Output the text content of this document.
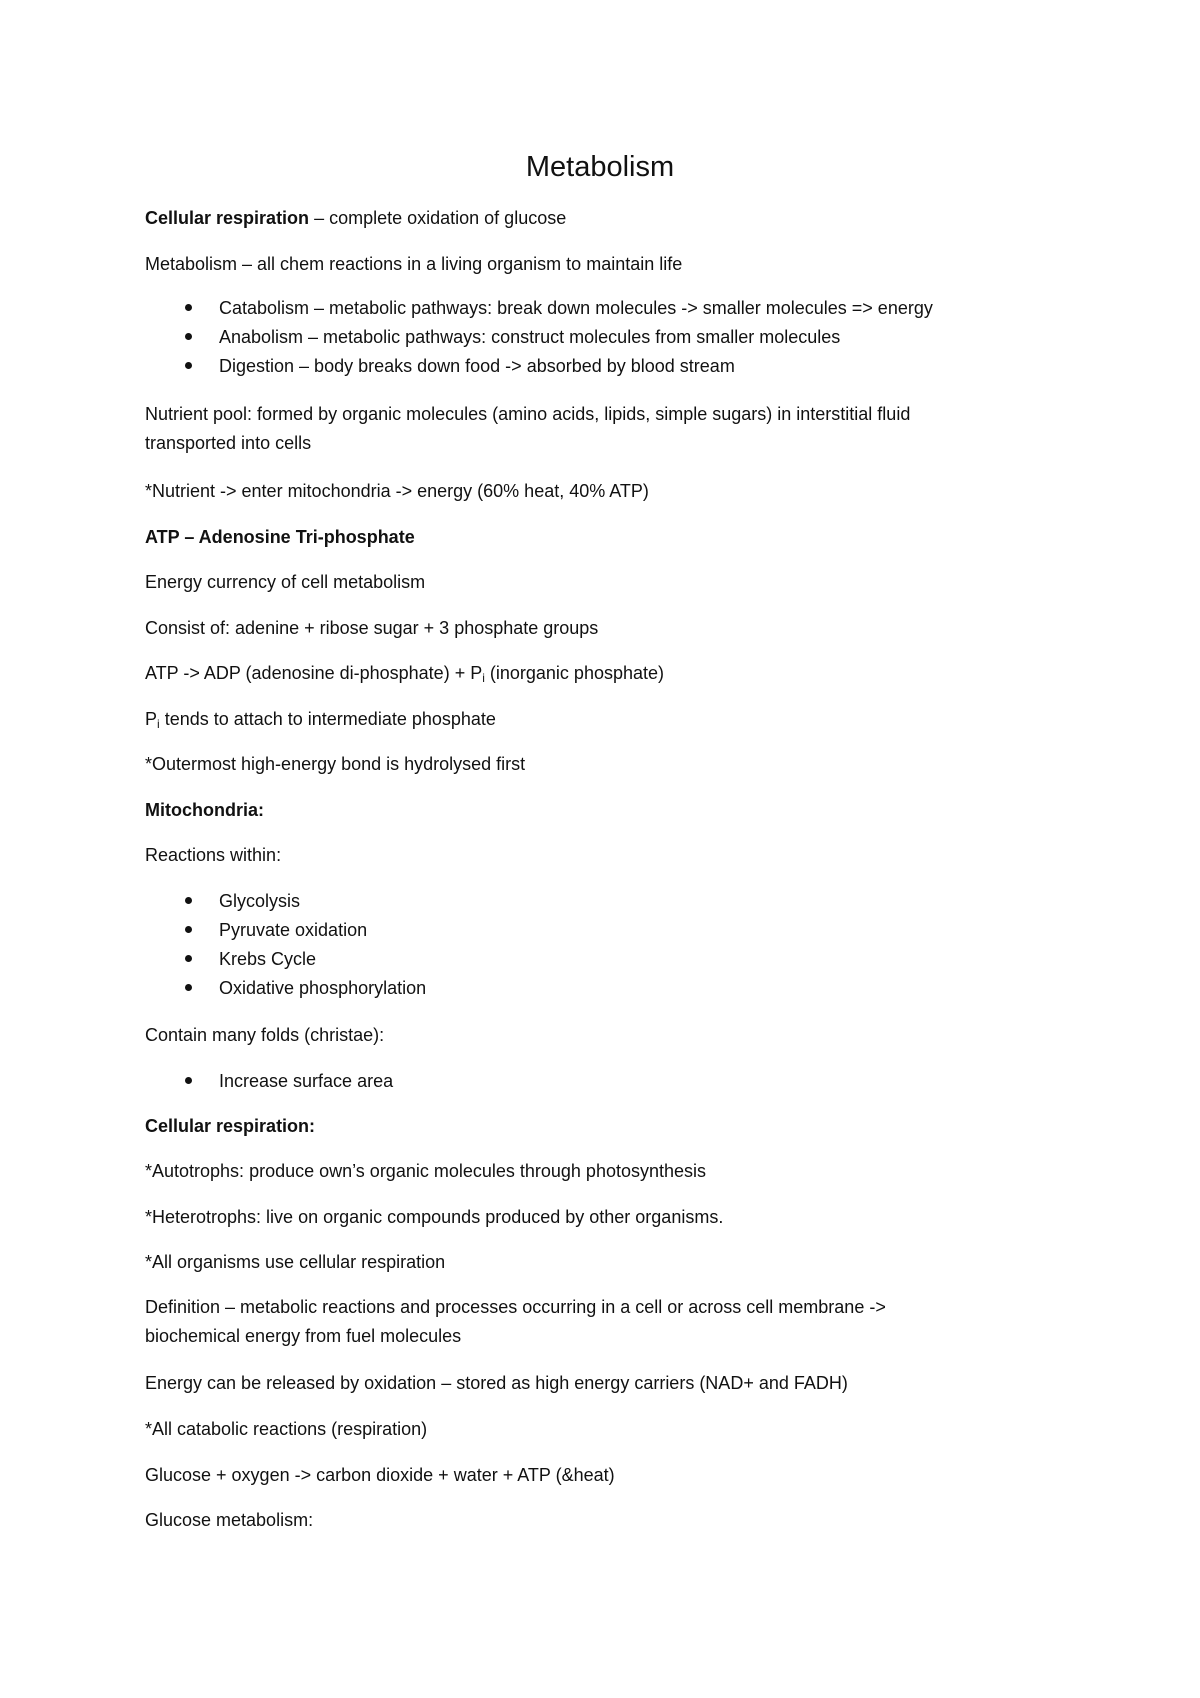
Metabolism

Cellular respiration – complete oxidation of glucose

Metabolism – all chem reactions in a living organism to maintain life

Catabolism – metabolic pathways: break down molecules -> smaller molecules => energy
Anabolism – metabolic pathways: construct molecules from smaller molecules
Digestion – body breaks down food -> absorbed by blood stream

Nutrient pool: formed by organic molecules (amino acids, lipids, simple sugars) in interstitial fluid
transported into cells

*Nutrient -> enter mitochondria -> energy (60% heat, 40% ATP)

ATP – Adenosine Tri-phosphate

Energy currency of cell metabolism

Consist of: adenine + ribose sugar + 3 phosphate groups

ATP -> ADP (adenosine di-phosphate) + $P_i$ (inorganic phosphate)

$P_i$ tends to attach to intermediate phosphate

*Outermost high-energy bond is hydrolysed first

Mitochondria:

Reactions within:

Glycolysis
Pyruvate oxidation
Krebs Cycle
Oxidative phosphorylation

Contain many folds (christae):

Increase surface area

Cellular respiration:

*Autotrophs: produce own’s organic molecules through photosynthesis

*Heterotrophs: live on organic compounds produced by other organisms.

*All organisms use cellular respiration

Definition – metabolic reactions and processes occurring in a cell or across cell membrane ->
biochemical energy from fuel molecules

Energy can be released by oxidation – stored as high energy carriers (NAD+ and FADH)

*All catabolic reactions (respiration)

Glucose + oxygen -> carbon dioxide + water + ATP (&heat)

Glucose metabolism:
